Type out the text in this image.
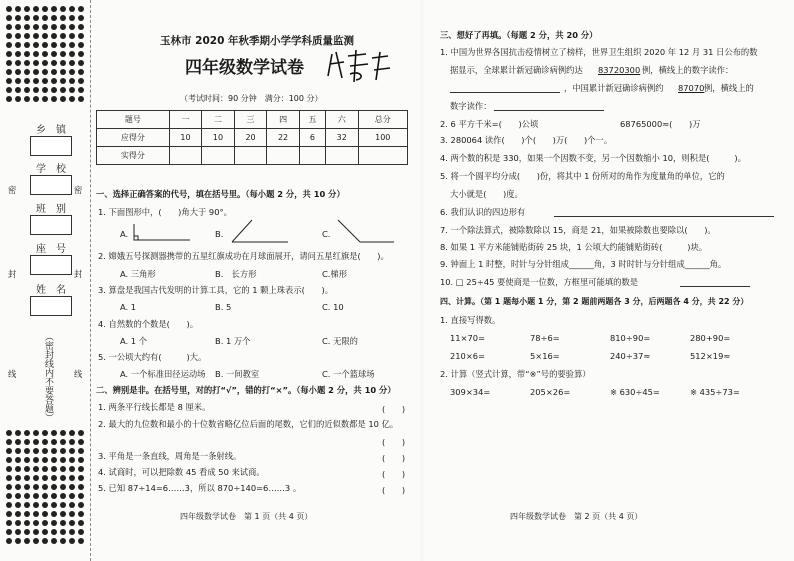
乡　镇
学　校
班　别
座　号
姓　名
（密封线内不要答题）
密
封
线
密
封
线
玉林市 2020 年秋季期小学学科质量监测
四年级数学试卷
（考试时间：90 分钟　满分：100 分）
题号	一	二	三	四	五	六	总分
应得分	10	10	20	22	6	32	100
实得分							
一、选择正确答案的代号，填在括号里。（每小题 2 分，共 10 分）
1. 下面图形中，(　　)角大于 90°。
A.	B.	C.
2. 嫦娥五号探测器携带的五星红旗成功在月球面展开，请问五星红旗是(　　)。
A. 三角形	B.　长方形	C.梯形
3. 算盘是我国古代发明的计算工具，它的 1 颗上珠表示(　　)。
A. 1	B. 5	C. 10
4. 自然数的个数是(　　)。
A. 1 个	B. 1 万个	C. 无限的
5. 一公顷大约有(　　　)大。
A. 一个标准田径运动场 B. 一间教室	C. 一个篮球场
二、辨别是非。在括号里，对的打“√”，错的打“×”。（每小题 2 分，共 10 分）
1. 两条平行线长都是 8 厘米。	(　　)
2. 最大的九位数和最小的十位数省略亿位后面的尾数，它们的近似数都是 10 亿。
(　　)
3. 平角是一条直线，周角是一条射线。	(　　)
4. 试商时，可以把除数 45 看成 50 来试商。	(　　)
5. 已知 87÷14=6……3，所以 870÷140=6……3 。	(　　)
四年级数学试卷　第 1 页（共 4 页）
三、想好了再填。（每题 2 分，共 20 分）
1. 中国为世界各国抗击疫情树立了榜样，世界卫生组织 2020 年 12 月 31 日公布的数
据显示，全球累计新冠确诊病例约达 83720300 例，横线上的数字读作：
，中国累计新冠确诊病例约 87070 例，横线上的
数字读作：
2. 6 平方千米=(　　)公顷	68765000≈(　　)万
3. 280064 读作(　　)个(　　)万(　　)个一。
4. 两个数的积是 330，如果一个因数不变，另一个因数缩小 10，则积是(　　　)。
5. 将一个圆平均分成(　　)份，将其中 1 份所对的角作为度量角的单位，它的
大小就是(　　)度。
6. 我们认识的四边形有
7. 一个除法算式，被除数除以 15，商是 21，如果被除数也要除以(　　)。
8. 如果 1 平方米能铺贴街砖 25 块，1 公顷大约能铺贴街砖(　　　)块。
9. 钟面上 1 时整，时针与分针组成______角，3 时时针与分针组成______角。
10. □ 25÷45 要使商是一位数，方框里可能填的数是
四、计算。（第 1 题每小题 1 分，第 2 题前两题各 3 分，后两题各 4 分，共 22 分）
1. 直接写得数。
11×70=	78÷6=	810÷90=	280+90=
210×6=	5×16=	240÷37≈	512×19≈
2. 计算（竖式计算，带“※”号的要验算）
309×34=	205×26=	※ 630÷45=	※ 435÷73=
四年级数学试卷　第 2 页（共 4 页）
